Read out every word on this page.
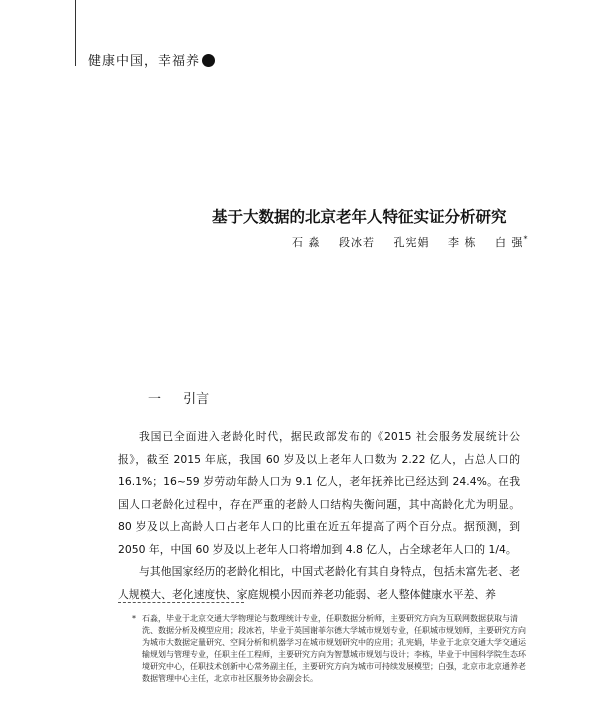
健康中国，幸福养
基于大数据的北京老年人特征实证分析研究
石 淼 段冰若 孔宪娟 李 栋 白 强*
一 引言

我国已全面进入老龄化时代，据民政部发布的《2015 社会服务发展统计公报》，截至 2015 年底，我国 60 岁及以上老年人口数为 2.22 亿人，占总人口的 16.1%；16~59 岁劳动年龄人口为 9.1 亿人，老年抚养比已经达到 24.4%。在我国人口老龄化过程中，存在严重的老龄人口结构失衡问题，其中高龄化尤为明显。80 岁及以上高龄人口占老年人口的比重在近五年提高了两个百分点。据预测，到 2050 年，中国 60 岁及以上老年人口将增加到 4.8 亿人，占全球老年人口的 1/4。

与其他国家经历的老龄化相比，中国式老龄化有其自身特点，包括未富先老、老人规模大、老化速度快、家庭规模小因而养老功能弱、老人整体健康水平差、养

* 石淼，毕业于北京交通大学物理论与数理统计专业，任职数据分析师，主要研究方向为互联网数据获取与清洗、数据分析及模型应用；段冰若，毕业于英国谢菲尔德大学城市规划专业，任职城市规划师，主要研究方向为城市大数据定量研究、空间分析和机器学习在城市规划研究中的应用；孔宪娟，毕业于北京交通大学交通运输规划与管理专业，任职主任工程师，主要研究方向为智慧城市规划与设计；李栋，毕业于中国科学院生态环境研究中心，任职技术创新中心常务副主任，主要研究方向为城市可持续发展模型；白强，北京市北京通养老数据管理中心主任，北京市社区服务协会副会长。
